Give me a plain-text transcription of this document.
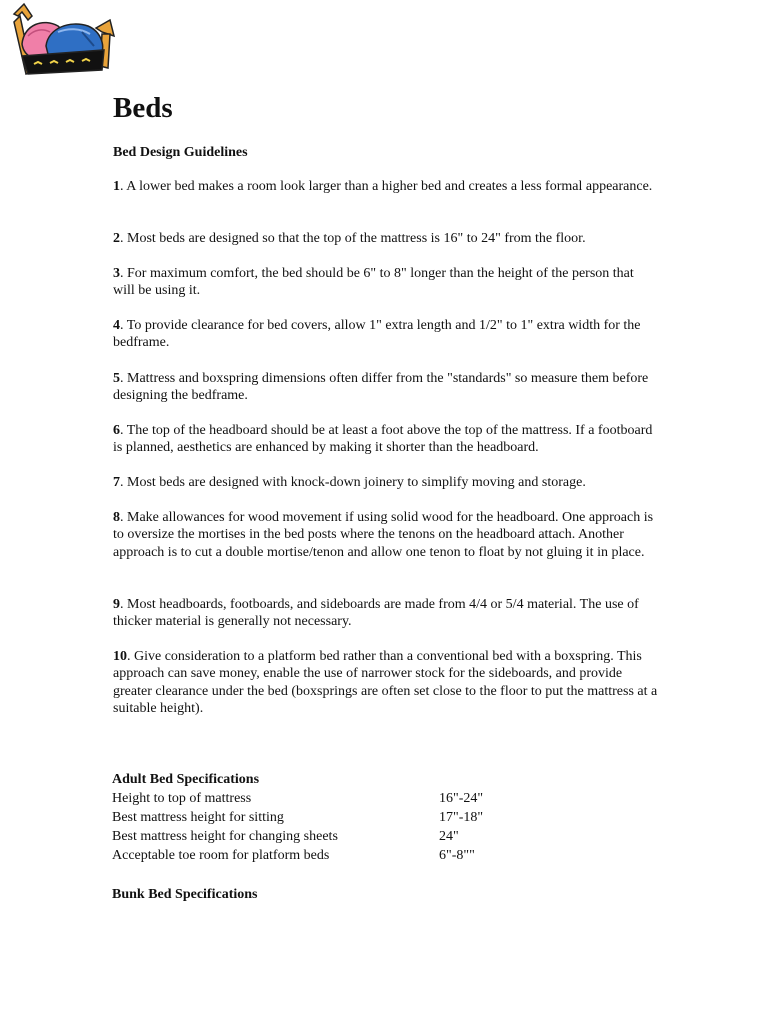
Beds

Bed Design Guidelines

1. A lower bed makes a room look larger than a higher bed and creates a less formal appearance.

2. Most beds are designed so that the top of the mattress is 16" to 24" from the floor.

3. For maximum comfort, the bed should be 6" to 8" longer than the height of the person that will be using it.

4. To provide clearance for bed covers, allow 1" extra length and 1/2" to 1" extra width for the bedframe.

5. Mattress and boxspring dimensions often differ from the "standards" so measure them before designing the bedframe.

6. The top of the headboard should be at least a foot above the top of the mattress. If a footboard is planned, aesthetics are enhanced by making it shorter than the headboard.

7. Most beds are designed with knock-down joinery to simplify moving and storage.

8. Make allowances for wood movement if using solid wood for the headboard. One approach is to oversize the mortises in the bed posts where the tenons on the headboard attach. Another approach is to cut a double mortise/tenon and allow one tenon to float by not gluing it in place.

9. Most headboards, footboards, and sideboards are made from 4/4 or 5/4 material. The use of thicker material is generally not necessary.

10. Give consideration to a platform bed rather than a conventional bed with a boxspring. This approach can save money, enable the use of narrower stock for the sideboards, and provide greater clearance under the bed (boxsprings are often set close to the floor to put the mattress at a suitable height).

Adult Bed Specifications

Height to top of mattress	16"-24"
Best mattress height for sitting	17"-18"
Best mattress height for changing sheets	24"
Acceptable toe room for platform beds	6"-8""

Bunk Bed Specifications
